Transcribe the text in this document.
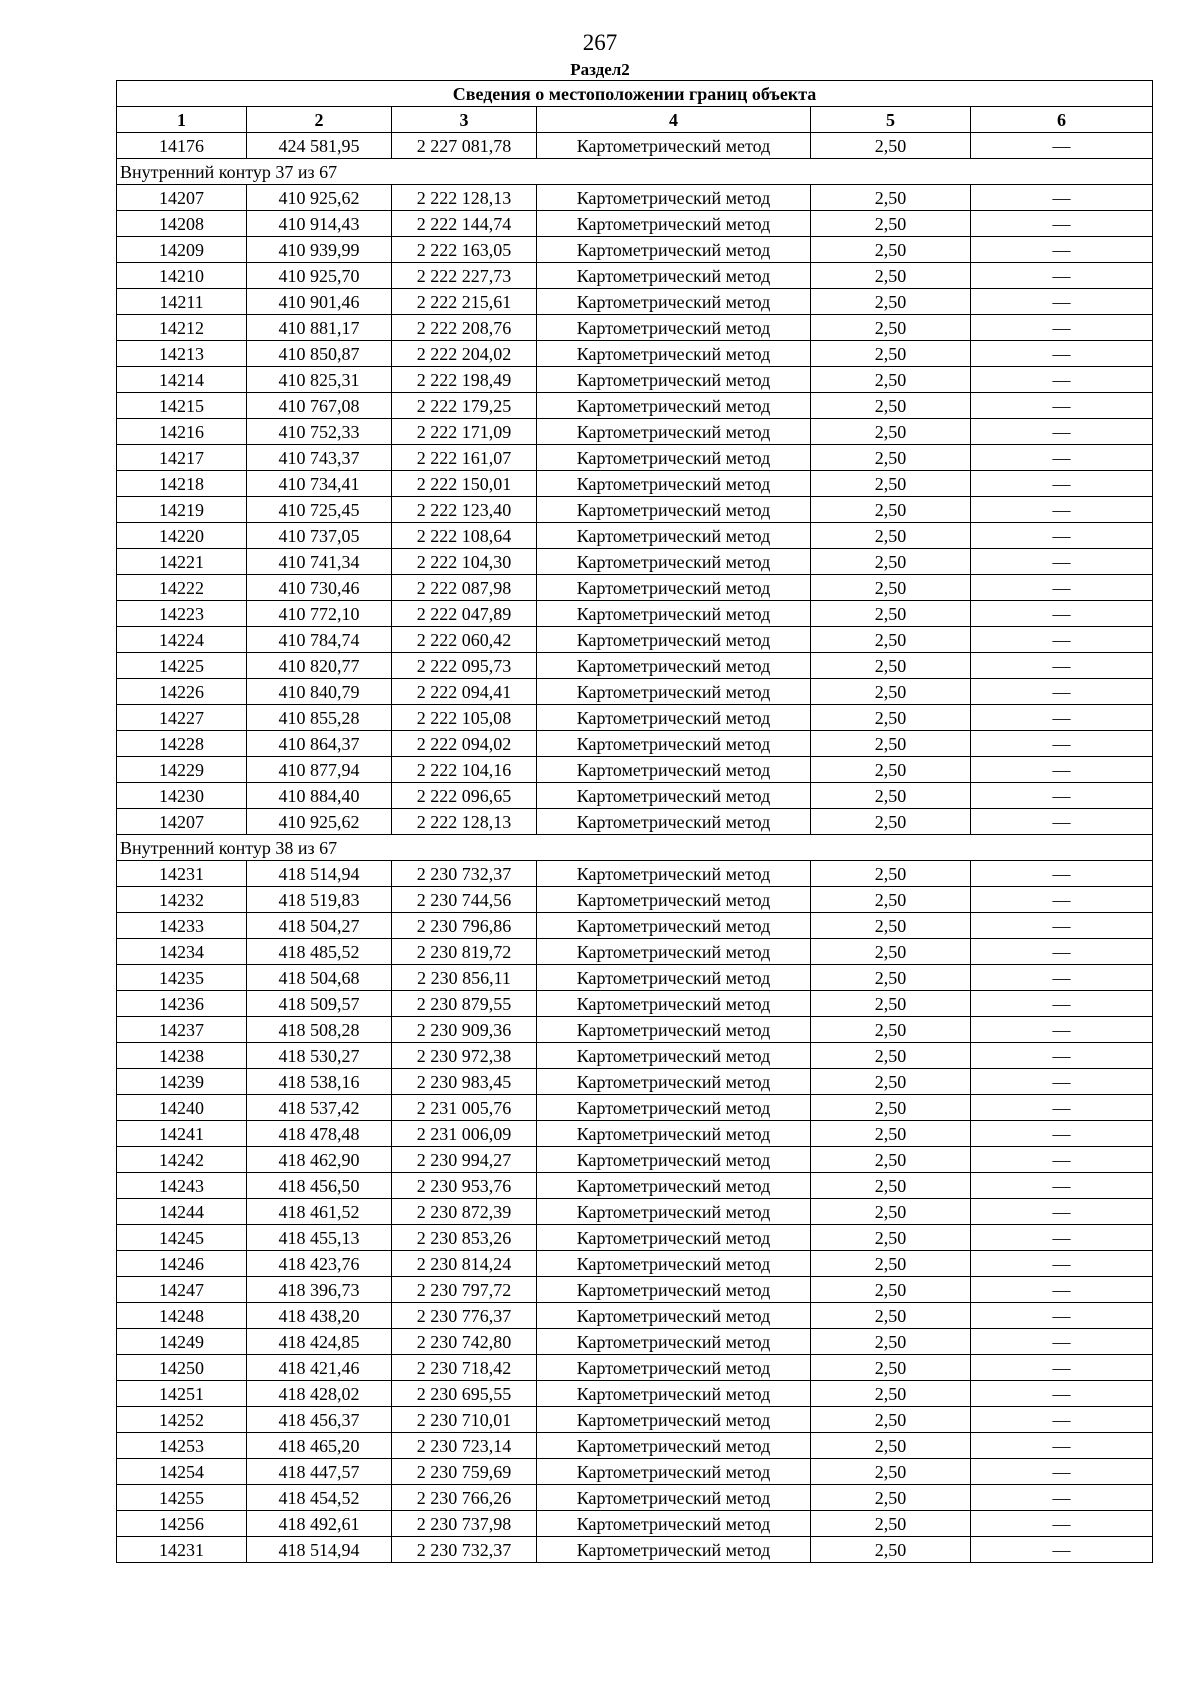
267
Раздел2
Сведения о местоположении границ объекта					
1	2	3	4	5	6
14176	424 581,95	2 227 081,78	Картометрический метод	2,50	—
Внутренний контур 37 из 67					
14207	410 925,62	2 222 128,13	Картометрический метод	2,50	—
14208	410 914,43	2 222 144,74	Картометрический метод	2,50	—
14209	410 939,99	2 222 163,05	Картометрический метод	2,50	—
14210	410 925,70	2 222 227,73	Картометрический метод	2,50	—
14211	410 901,46	2 222 215,61	Картометрический метод	2,50	—
14212	410 881,17	2 222 208,76	Картометрический метод	2,50	—
14213	410 850,87	2 222 204,02	Картометрический метод	2,50	—
14214	410 825,31	2 222 198,49	Картометрический метод	2,50	—
14215	410 767,08	2 222 179,25	Картометрический метод	2,50	—
14216	410 752,33	2 222 171,09	Картометрический метод	2,50	—
14217	410 743,37	2 222 161,07	Картометрический метод	2,50	—
14218	410 734,41	2 222 150,01	Картометрический метод	2,50	—
14219	410 725,45	2 222 123,40	Картометрический метод	2,50	—
14220	410 737,05	2 222 108,64	Картометрический метод	2,50	—
14221	410 741,34	2 222 104,30	Картометрический метод	2,50	—
14222	410 730,46	2 222 087,98	Картометрический метод	2,50	—
14223	410 772,10	2 222 047,89	Картометрический метод	2,50	—
14224	410 784,74	2 222 060,42	Картометрический метод	2,50	—
14225	410 820,77	2 222 095,73	Картометрический метод	2,50	—
14226	410 840,79	2 222 094,41	Картометрический метод	2,50	—
14227	410 855,28	2 222 105,08	Картометрический метод	2,50	—
14228	410 864,37	2 222 094,02	Картометрический метод	2,50	—
14229	410 877,94	2 222 104,16	Картометрический метод	2,50	—
14230	410 884,40	2 222 096,65	Картометрический метод	2,50	—
14207	410 925,62	2 222 128,13	Картометрический метод	2,50	—
Внутренний контур 38 из 67					
14231	418 514,94	2 230 732,37	Картометрический метод	2,50	—
14232	418 519,83	2 230 744,56	Картометрический метод	2,50	—
14233	418 504,27	2 230 796,86	Картометрический метод	2,50	—
14234	418 485,52	2 230 819,72	Картометрический метод	2,50	—
14235	418 504,68	2 230 856,11	Картометрический метод	2,50	—
14236	418 509,57	2 230 879,55	Картометрический метод	2,50	—
14237	418 508,28	2 230 909,36	Картометрический метод	2,50	—
14238	418 530,27	2 230 972,38	Картометрический метод	2,50	—
14239	418 538,16	2 230 983,45	Картометрический метод	2,50	—
14240	418 537,42	2 231 005,76	Картометрический метод	2,50	—
14241	418 478,48	2 231 006,09	Картометрический метод	2,50	—
14242	418 462,90	2 230 994,27	Картометрический метод	2,50	—
14243	418 456,50	2 230 953,76	Картометрический метод	2,50	—
14244	418 461,52	2 230 872,39	Картометрический метод	2,50	—
14245	418 455,13	2 230 853,26	Картометрический метод	2,50	—
14246	418 423,76	2 230 814,24	Картометрический метод	2,50	—
14247	418 396,73	2 230 797,72	Картометрический метод	2,50	—
14248	418 438,20	2 230 776,37	Картометрический метод	2,50	—
14249	418 424,85	2 230 742,80	Картометрический метод	2,50	—
14250	418 421,46	2 230 718,42	Картометрический метод	2,50	—
14251	418 428,02	2 230 695,55	Картометрический метод	2,50	—
14252	418 456,37	2 230 710,01	Картометрический метод	2,50	—
14253	418 465,20	2 230 723,14	Картометрический метод	2,50	—
14254	418 447,57	2 230 759,69	Картометрический метод	2,50	—
14255	418 454,52	2 230 766,26	Картометрический метод	2,50	—
14256	418 492,61	2 230 737,98	Картометрический метод	2,50	—
14231	418 514,94	2 230 732,37	Картометрический метод	2,50	—
